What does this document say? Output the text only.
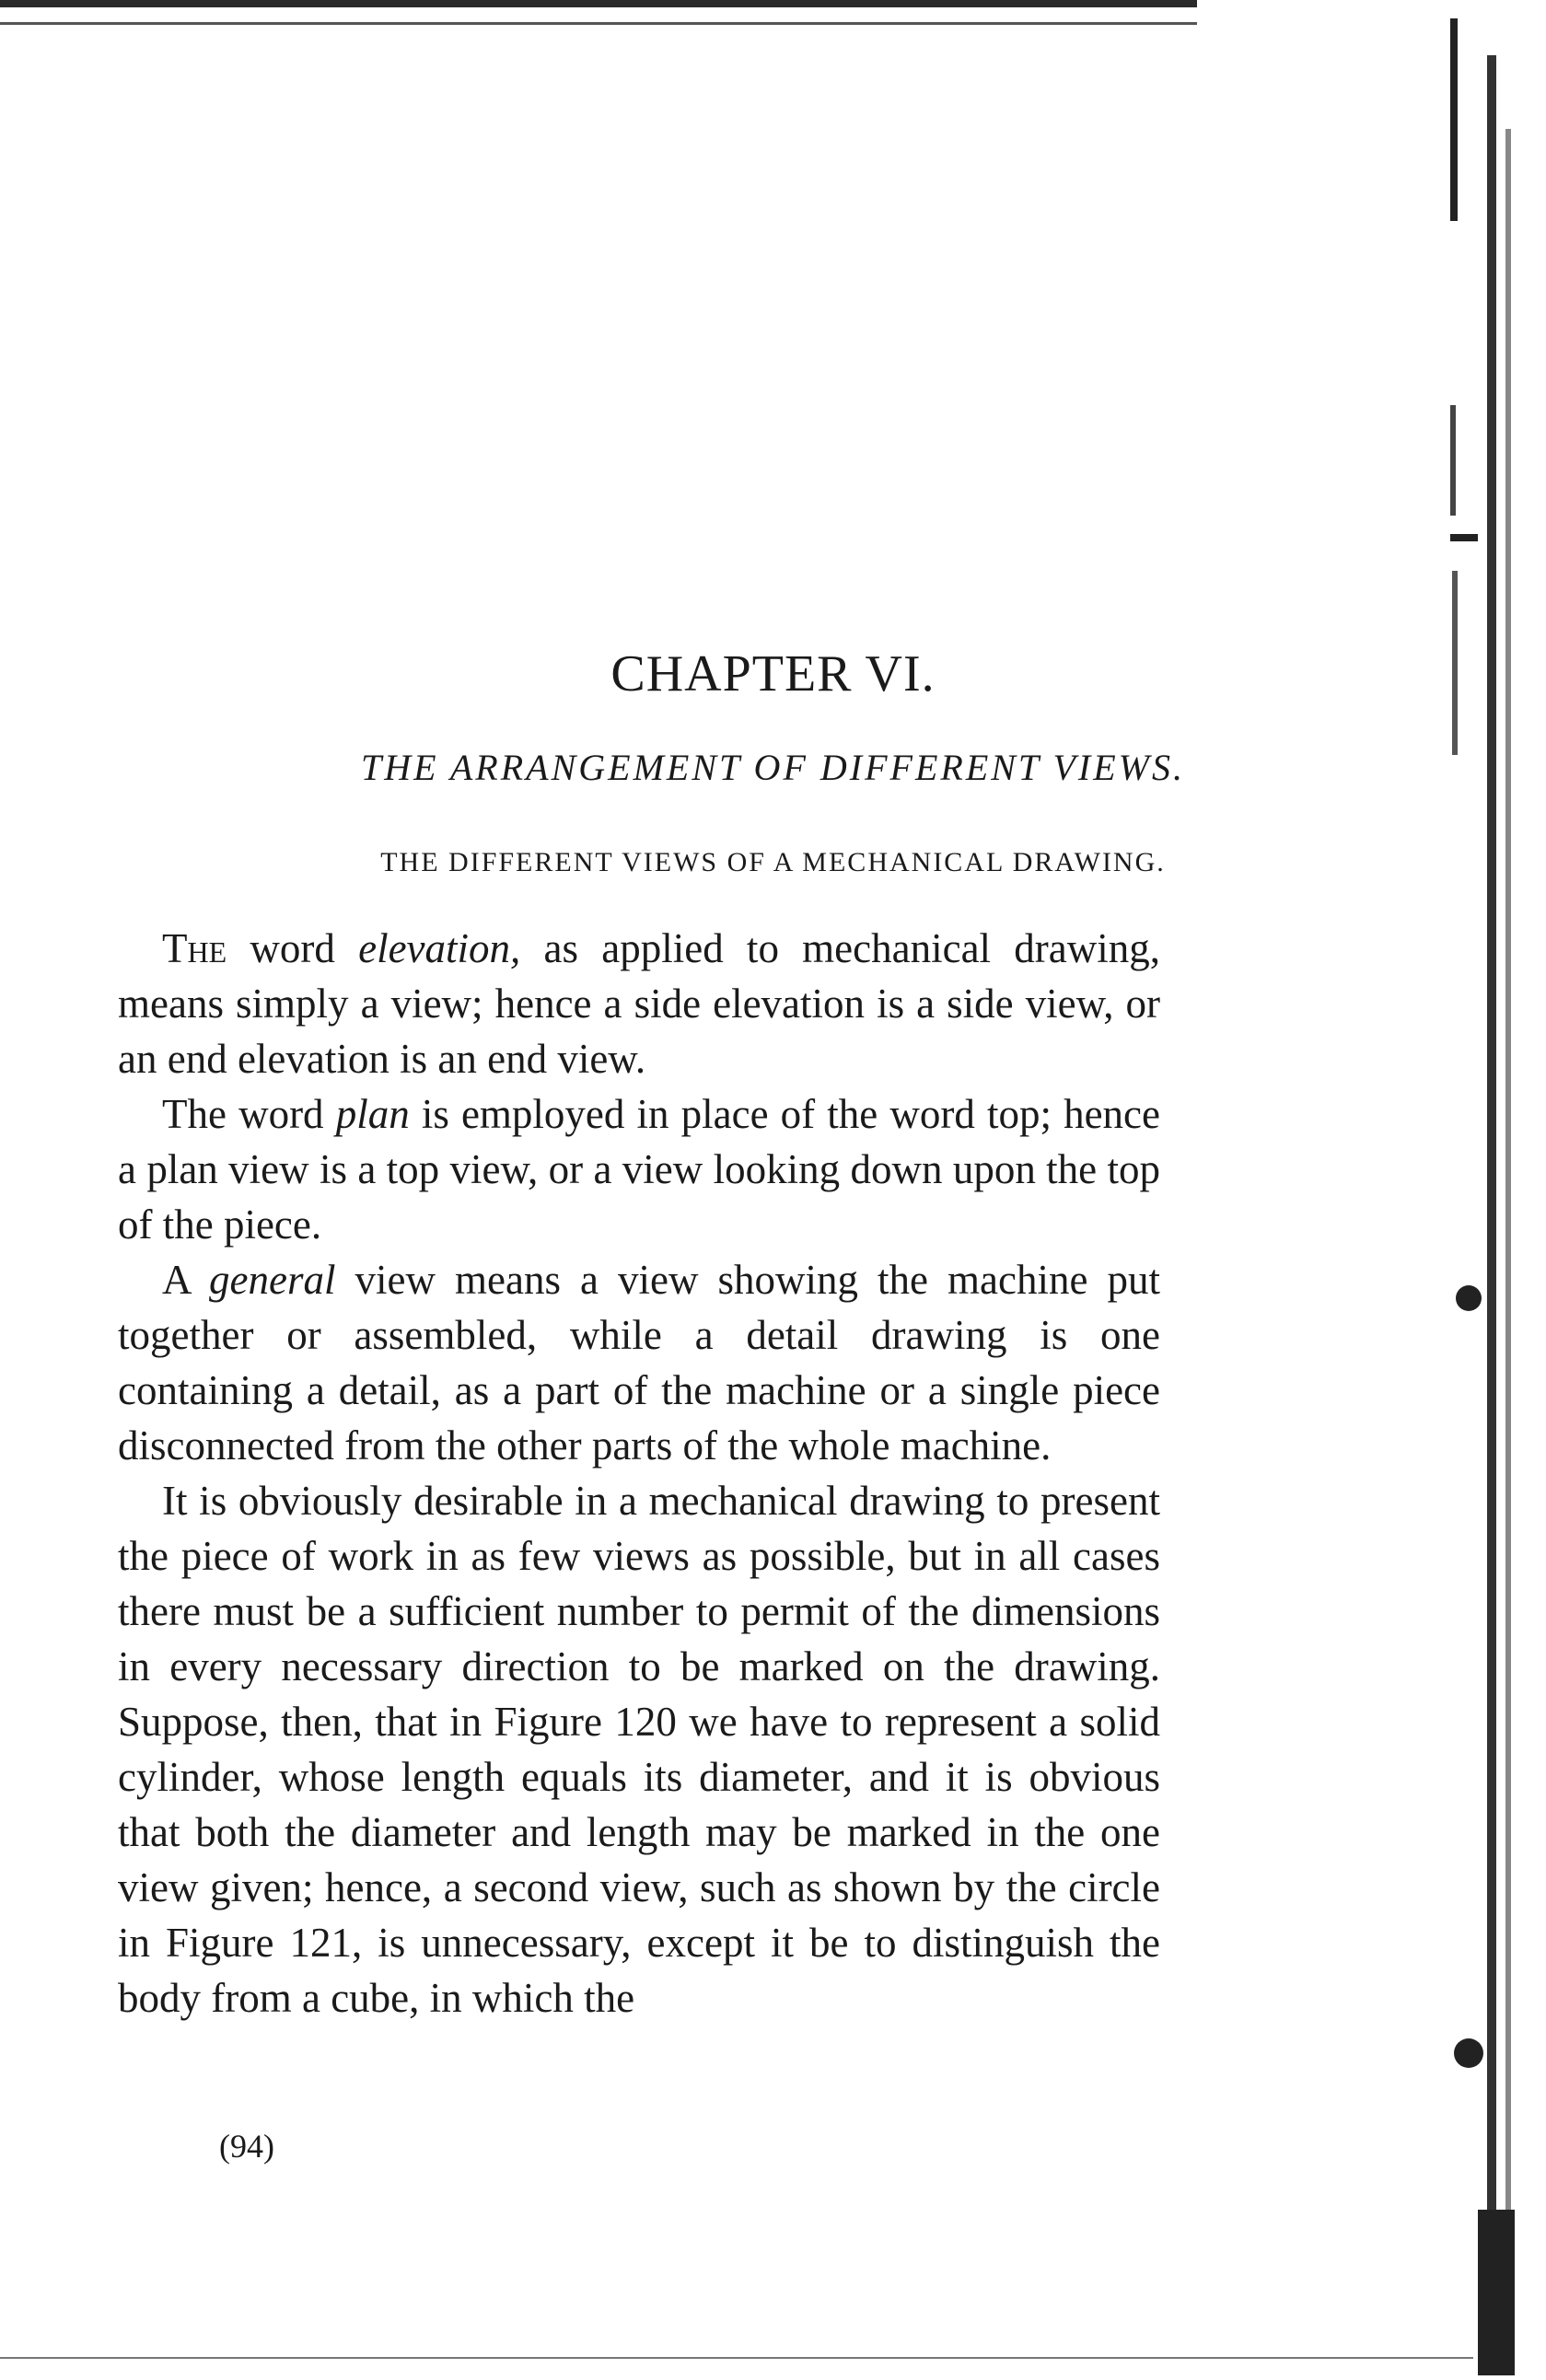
CHAPTER VI.
THE ARRANGEMENT OF DIFFERENT VIEWS.
THE DIFFERENT VIEWS OF A MECHANICAL DRAWING.

The word elevation, as applied to mechanical drawing, means simply a view; hence a side elevation is a side view, or an end elevation is an end view.

The word plan is employed in place of the word top; hence a plan view is a top view, or a view looking down upon the top of the piece.

A general view means a view showing the machine put together or assembled, while a detail drawing is one containing a detail, as a part of the machine or a single piece disconnected from the other parts of the whole machine.

It is obviously desirable in a mechanical drawing to present the piece of work in as few views as possible, but in all cases there must be a sufficient number to permit of the dimensions in every necessary direction to be marked on the drawing. Suppose, then, that in Figure 120 we have to represent a solid cylinder, whose length equals its diameter, and it is obvious that both the diameter and length may be marked in the one view given; hence, a second view, such as shown by the circle in Figure 121, is unnecessary, except it be to distinguish the body from a cube, in which the

(94)
